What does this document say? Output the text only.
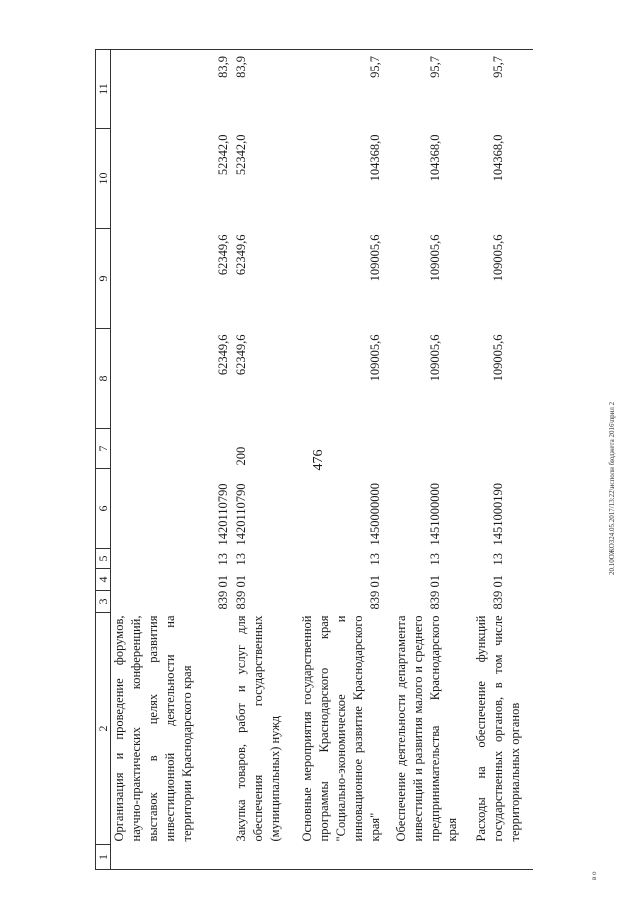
476	20.10ОЖОЗ24.05.2017/13:22\исполн бюджета 2016\прил 2
в о
1	2	3	4	5	6	7	8	9	10	11
	Организация и проведение форумов, научно-практических конференций, выставок в целях развития инвестиционной деятельности на территории Краснодарского края	839	01	13	1420110790		62349,6	62349,6	52342,0	83,9
	Закупка товаров, работ и услуг для обеспечения государственных (муниципальных) нужд	839	01	13	1420110790	200	62349,6	62349,6	52342,0	83,9
	Основные мероприятия государственной программы Краснодарского края "Социально-экономическое и инновационное развитие Краснодарского края"	839	01	13	1450000000		109005,6	109005,6	104368,0	95,7
	Обеспечение деятельности департамента инвестиций и развития малого и среднего предпринимательства Краснодарского края	839	01	13	1451000000		109005,6	109005,6	104368,0	95,7
	Расходы на обеспечение функций государственных органов, в том числе территориальных органов	839	01	13	1451000190		109005,6	109005,6	104368,0	95,7
